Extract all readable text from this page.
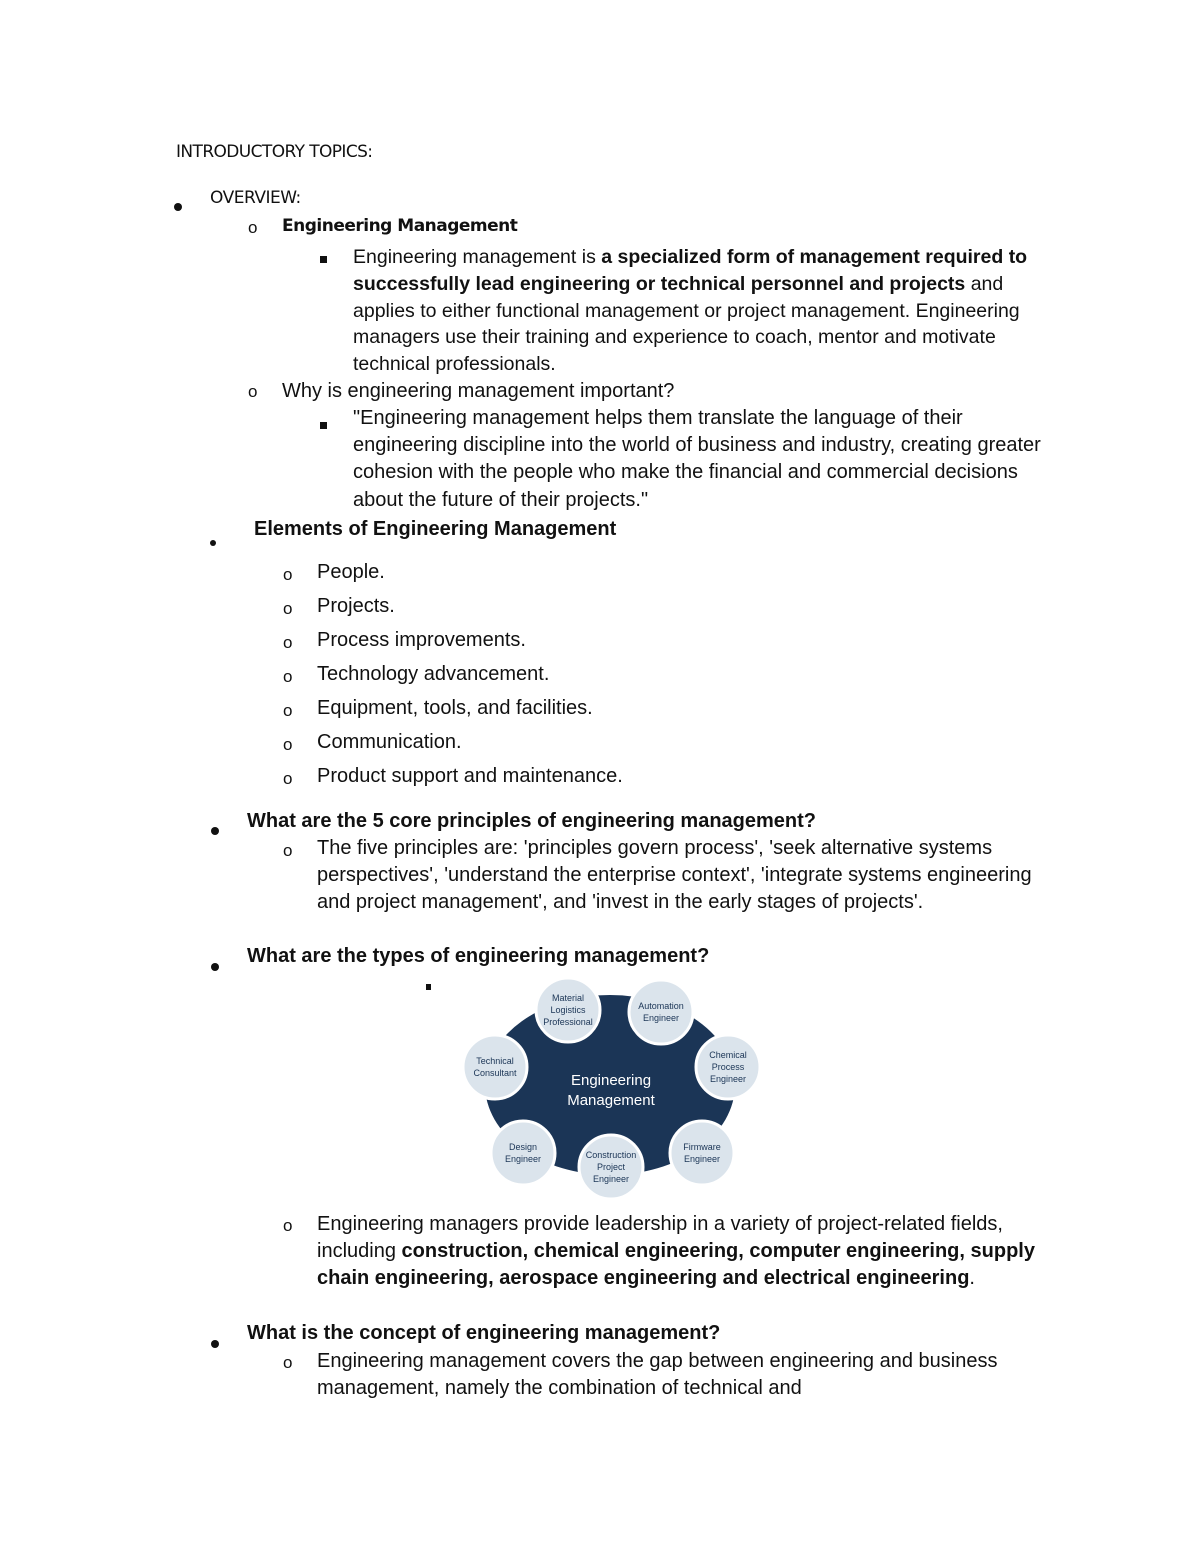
INTRODUCTORY TOPICS:
OVERVIEW:
o Engineering Management
Engineering management is a specialized form of management required to successfully lead engineering or technical personnel and projects and applies to either functional management or project management. Engineering managers use their training and experience to coach, mentor and motivate technical professionals.
o Why is engineering management important?
"Engineering management helps them translate the language of their engineering discipline into the world of business and industry, creating greater cohesion with the people who make the financial and commercial decisions about the future of their projects."
Elements of Engineering Management
o People.
o Projects.
o Process improvements.
o Technology advancement.
o Equipment, tools, and facilities.
o Communication.
o Product support and maintenance.
What are the 5 core principles of engineering management?
o The five principles are: 'principles govern process', 'seek alternative systems perspectives', 'understand the enterprise context', 'integrate systems engineering and project management', and 'invest in the early stages of projects'.
What are the types of engineering management?
Engineering
Management
Material
Logistics
Professional
Automation
Engineer
Chemical
Process
Engineer
Firmware
Engineer
Construction
Project
Engineer
Design
Engineer
Technical
Consultant
o Engineering managers provide leadership in a variety of project-related fields, including construction, chemical engineering, computer engineering, supply chain engineering, aerospace engineering and electrical engineering.
What is the concept of engineering management?
o Engineering management covers the gap between engineering and business management, namely the combination of technical and
